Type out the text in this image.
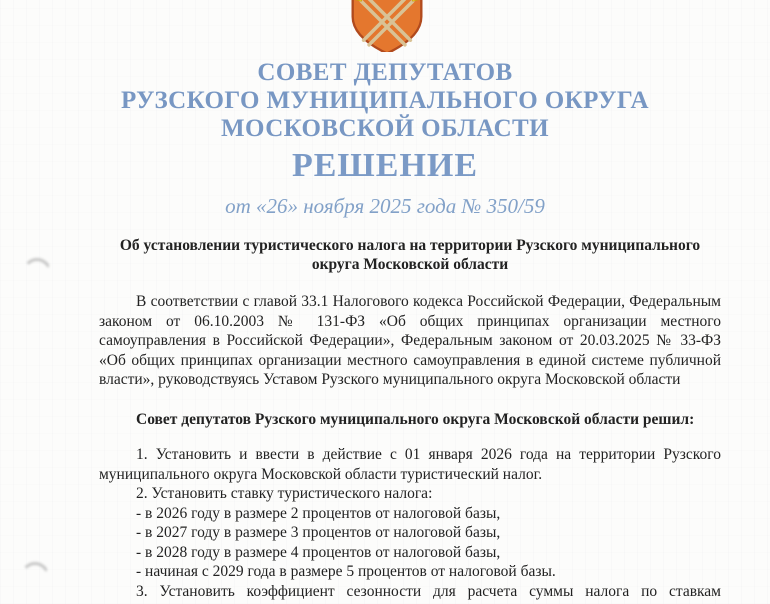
СОВЕТ ДЕПУТАТОВ
РУЗСКОГО МУНИЦИПАЛЬНОГО ОКРУГА
МОСКОВСКОЙ ОБЛАСТИ
РЕШЕНИЕ
от «26» ноября 2025 года № 350/59
Об установлении туристического налога на территории Рузского муниципального округа Московской области
В соответствии с главой 33.1 Налогового кодекса Российской Федерации, Федеральным законом от 06.10.2003 № 131-ФЗ «Об общих принципах организации местного самоуправления в Российской Федерации», Федеральным законом от 20.03.2025 № 33-ФЗ «Об общих принципах организации местного самоуправления в единой системе публичной власти», руководствуясь Уставом Рузского муниципального округа Московской области
Совет депутатов Рузского муниципального округа Московской области решил:
1. Установить и ввести в действие с 01 января 2026 года на территории Рузского муниципального округа Московской области туристический налог.
2. Установить ставку туристического налога:
- в 2026 году в размере 2 процентов от налоговой базы,
- в 2027 году в размере 3 процентов от налоговой базы,
- в 2028 году в размере 4 процентов от налоговой базы,
- начиная с 2029 года в размере 5 процентов от налоговой базы.
3. Установить коэффициент сезонности для расчета суммы налога по ставкам
